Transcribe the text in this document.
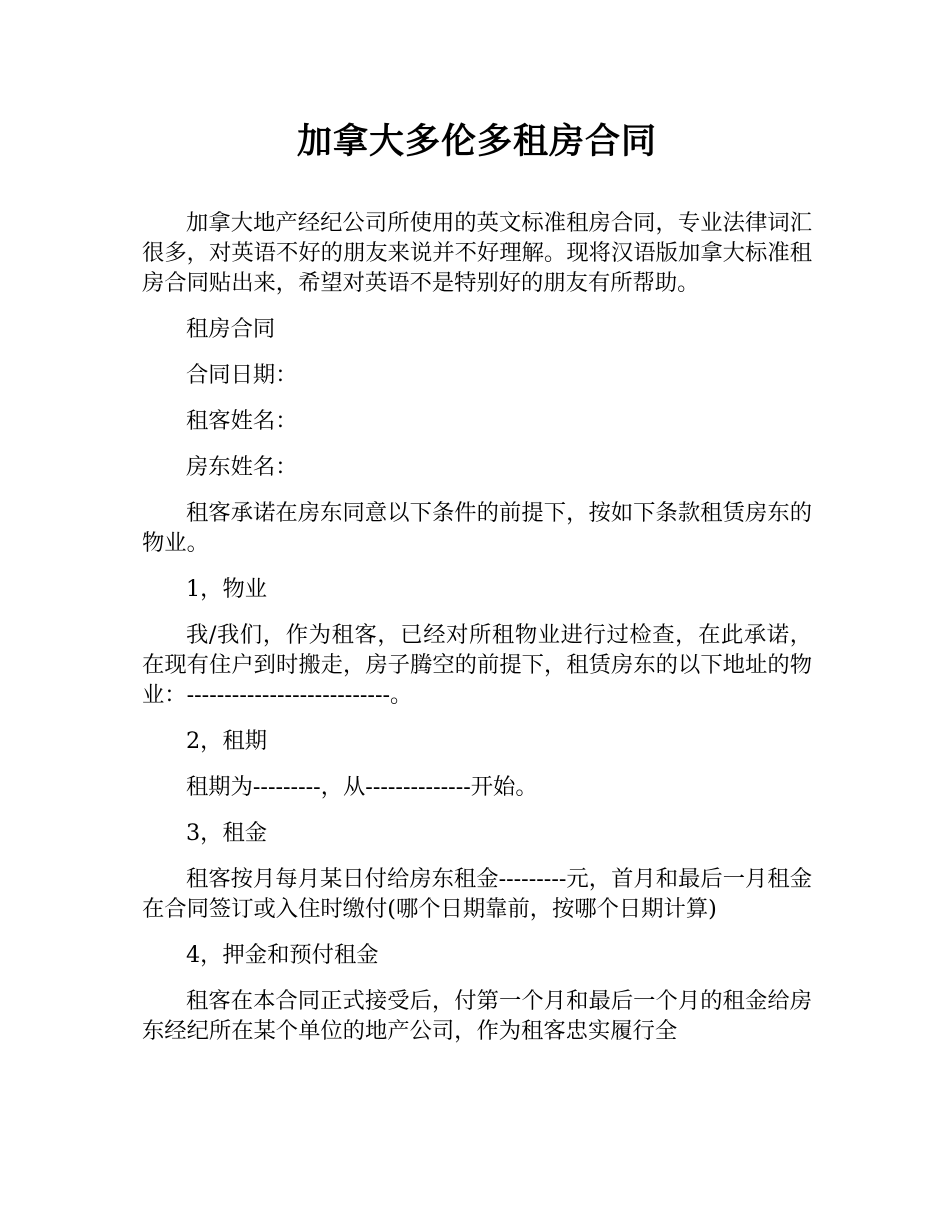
加拿大多伦多租房合同

加拿大地产经纪公司所使用的英文标准租房合同，专业法律词汇很多，对英语不好的朋友来说并不好理解。现将汉语版加拿大标准租房合同贴出来，希望对英语不是特别好的朋友有所帮助。

租房合同

合同日期：

租客姓名：

房东姓名：

租客承诺在房东同意以下条件的前提下，按如下条款租赁房东的物业。

1，物业

我/我们，作为租客，已经对所租物业进行过检查，在此承诺，在现有住户到时搬走，房子腾空的前提下，租赁房东的以下地址的物业：---------------------------。

2，租期

租期为---------，从--------------开始。

3，租金

租客按月每月某日付给房东租金---------元，首月和最后一月租金在合同签订或入住时缴付(哪个日期靠前，按哪个日期计算)

4，押金和预付租金

租客在本合同正式接受后，付第一个月和最后一个月的租金给房东经纪所在某个单位的地产公司，作为租客忠实履行全
